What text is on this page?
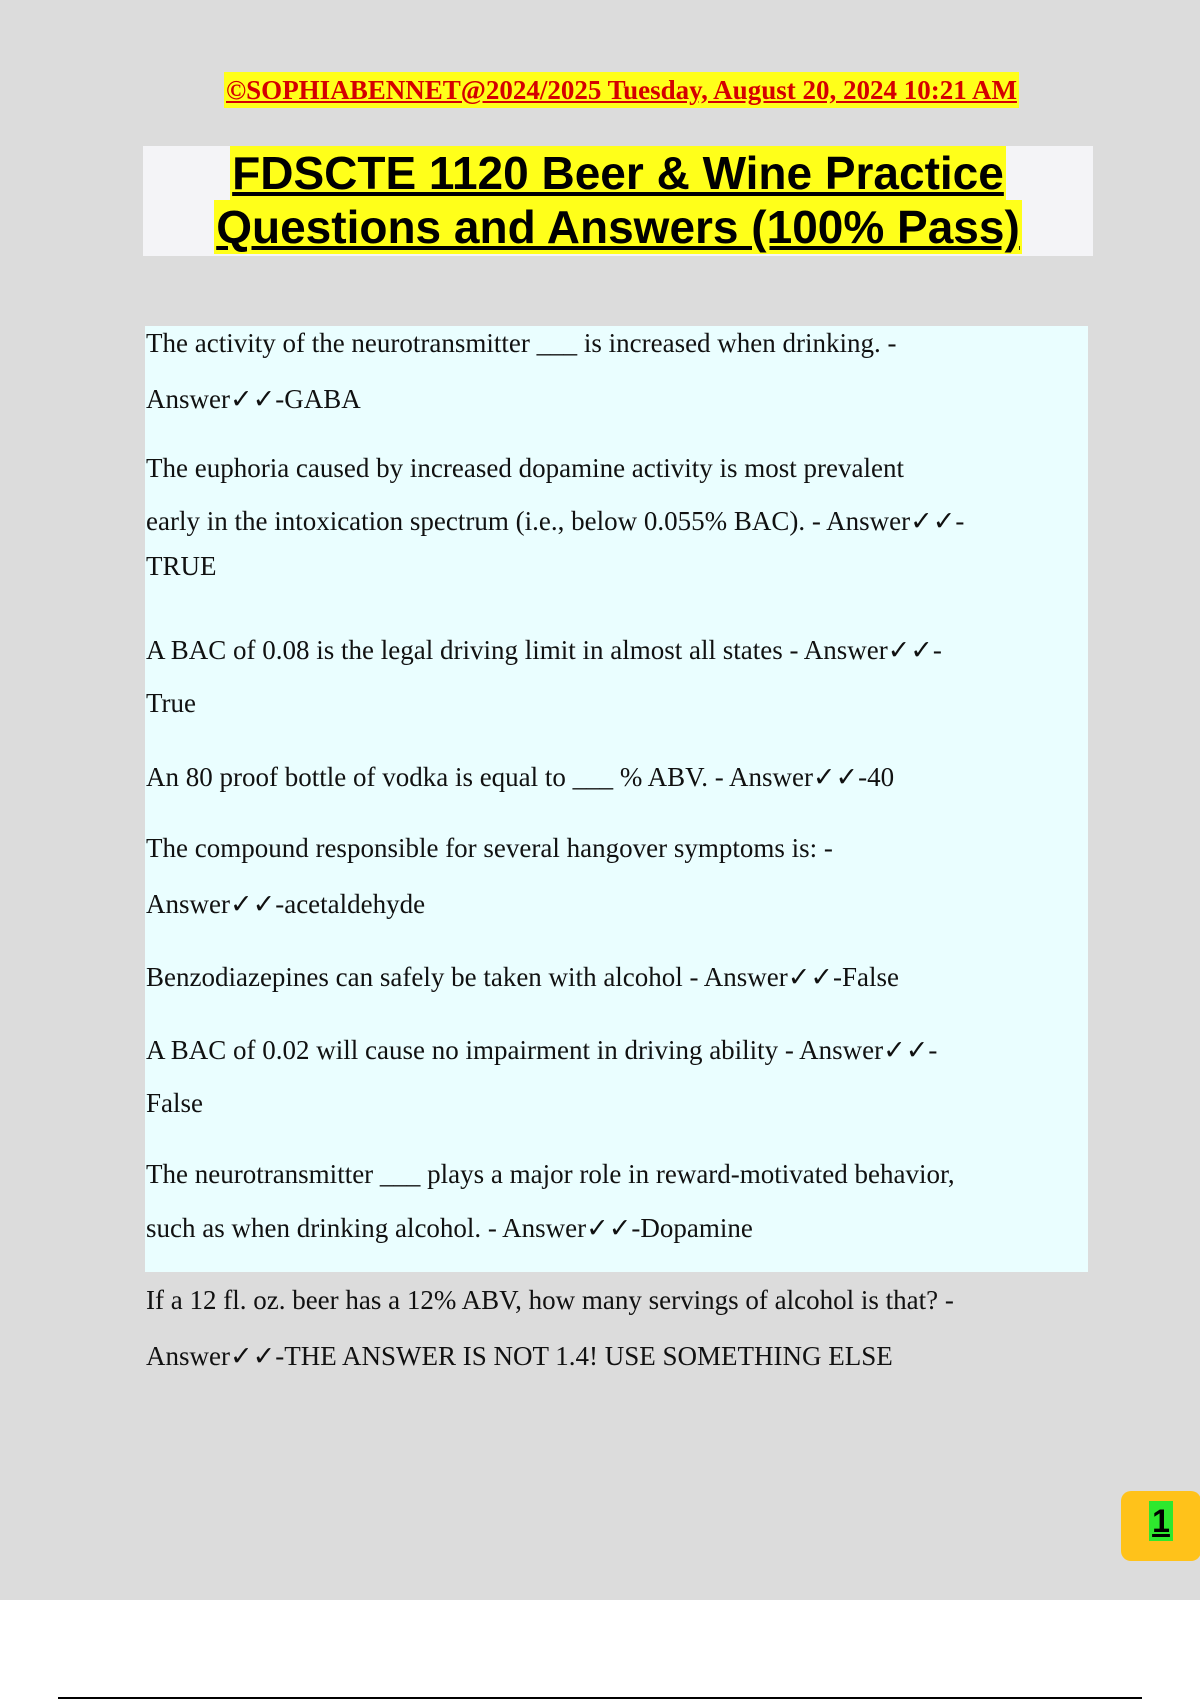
©SOPHIABENNET@2024/2025 Tuesday, August 20, 2024 10:21 AM
FDSCTE 1120 Beer & Wine Practice
Questions and Answers (100% Pass)
The activity of the neurotransmitter ___ is increased when drinking. -
Answer✓✓-GABA
The euphoria caused by increased dopamine activity is most prevalent
early in the intoxication spectrum (i.e., below 0.055% BAC). - Answer✓✓-
TRUE
A BAC of 0.08 is the legal driving limit in almost all states - Answer✓✓-
True
An 80 proof bottle of vodka is equal to ___ % ABV. - Answer✓✓-40
The compound responsible for several hangover symptoms is: -
Answer✓✓-acetaldehyde
Benzodiazepines can safely be taken with alcohol - Answer✓✓-False
A BAC of 0.02 will cause no impairment in driving ability - Answer✓✓-
False
The neurotransmitter ___ plays a major role in reward-motivated behavior,
such as when drinking alcohol. - Answer✓✓-Dopamine
If a 12 fl. oz. beer has a 12% ABV, how many servings of alcohol is that? -
Answer✓✓-THE ANSWER IS NOT 1.4! USE SOMETHING ELSE
1
